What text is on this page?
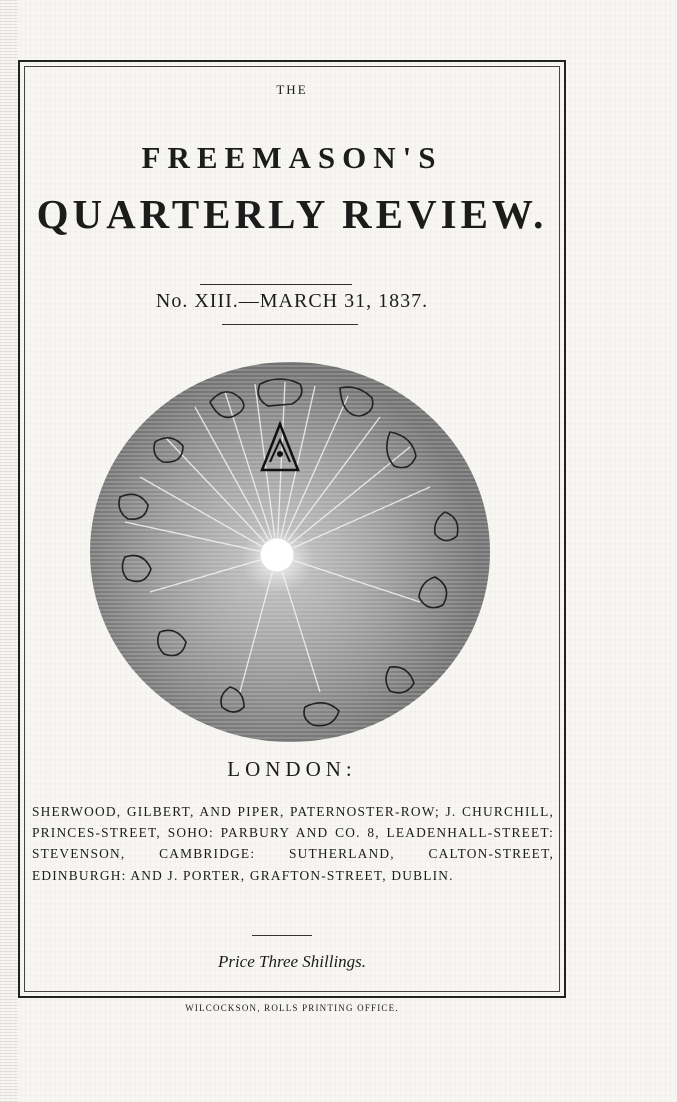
THE

FREEMASON'S

QUARTERLY REVIEW.

No. XIII.—MARCH 31, 1837.

LONDON:

SHERWOOD, GILBERT, AND PIPER, PATERNOSTER-ROW; J. CHURCHILL, PRINCES-STREET, SOHO: PARBURY AND CO. 8, LEADENHALL-STREET: STEVENSON, CAMBRIDGE: SUTHERLAND, CALTON-STREET, EDINBURGH: AND J. PORTER, GRAFTON-STREET, DUBLIN.

Price Three Shillings.

WILCOCKSON, ROLLS PRINTING OFFICE.
